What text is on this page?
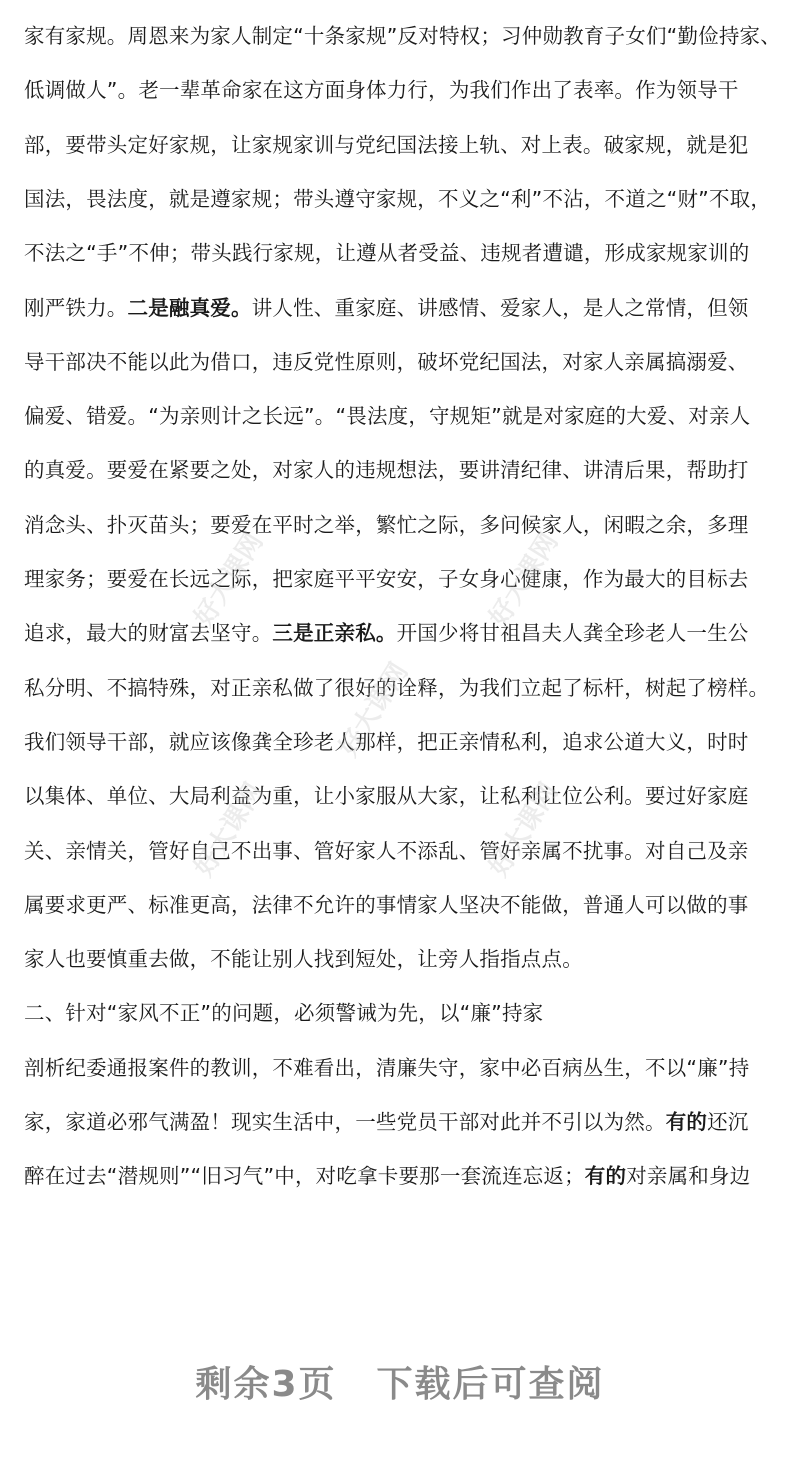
家有家规。周恩来为家人制定“十条家规”反对特权；习仲勋教育子女们“勤俭持家、
低调做人”。老一辈革命家在这方面身体力行，为我们作出了表率。作为领导干
部，要带头定好家规，让家规家训与党纪国法接上轨、对上表。破家规，就是犯
国法，畏法度，就是遵家规；带头遵守家规，不义之“利”不沾，不道之“财”不取，
不法之“手”不伸；带头践行家规，让遵从者受益、违规者遭谴，形成家规家训的
刚严铁力。二是融真爱。讲人性、重家庭、讲感情、爱家人，是人之常情，但领
导干部决不能以此为借口，违反党性原则，破坏党纪国法，对家人亲属搞溺爱、
偏爱、错爱。“为亲则计之长远”。“畏法度，守规矩”就是对家庭的大爱、对亲人
的真爱。要爱在紧要之处，对家人的违规想法，要讲清纪律、讲清后果，帮助打
消念头、扑灭苗头；要爱在平时之举，繁忙之际，多问候家人，闲暇之余，多理
理家务；要爱在长远之际，把家庭平平安安，子女身心健康，作为最大的目标去
追求，最大的财富去坚守。三是正亲私。开国少将甘祖昌夫人龚全珍老人一生公
私分明、不搞特殊，对正亲私做了很好的诠释，为我们立起了标杆，树起了榜样。
我们领导干部，就应该像龚全珍老人那样，把正亲情私利，追求公道大义，时时
以集体、单位、大局利益为重，让小家服从大家，让私利让位公利。要过好家庭
关、亲情关，管好自己不出事、管好家人不添乱、管好亲属不扰事。对自己及亲
属要求更严、标准更高，法律不允许的事情家人坚决不能做，普通人可以做的事
家人也要慎重去做，不能让别人找到短处，让旁人指指点点。
二、针对“家风不正”的问题，必须警诫为先，以“廉”持家
剖析纪委通报案件的教训，不难看出，清廉失守，家中必百病丛生，不以“廉”持
家，家道必邪气满盈！现实生活中，一些党员干部对此并不引以为然。有的还沉
醉在过去“潜规则”“旧习气”中，对吃拿卡要那一套流连忘返；有的对亲属和身边
好大课网	好大课网
好大课网
好大课网	好大课网
剩余3页 下载后可查阅
